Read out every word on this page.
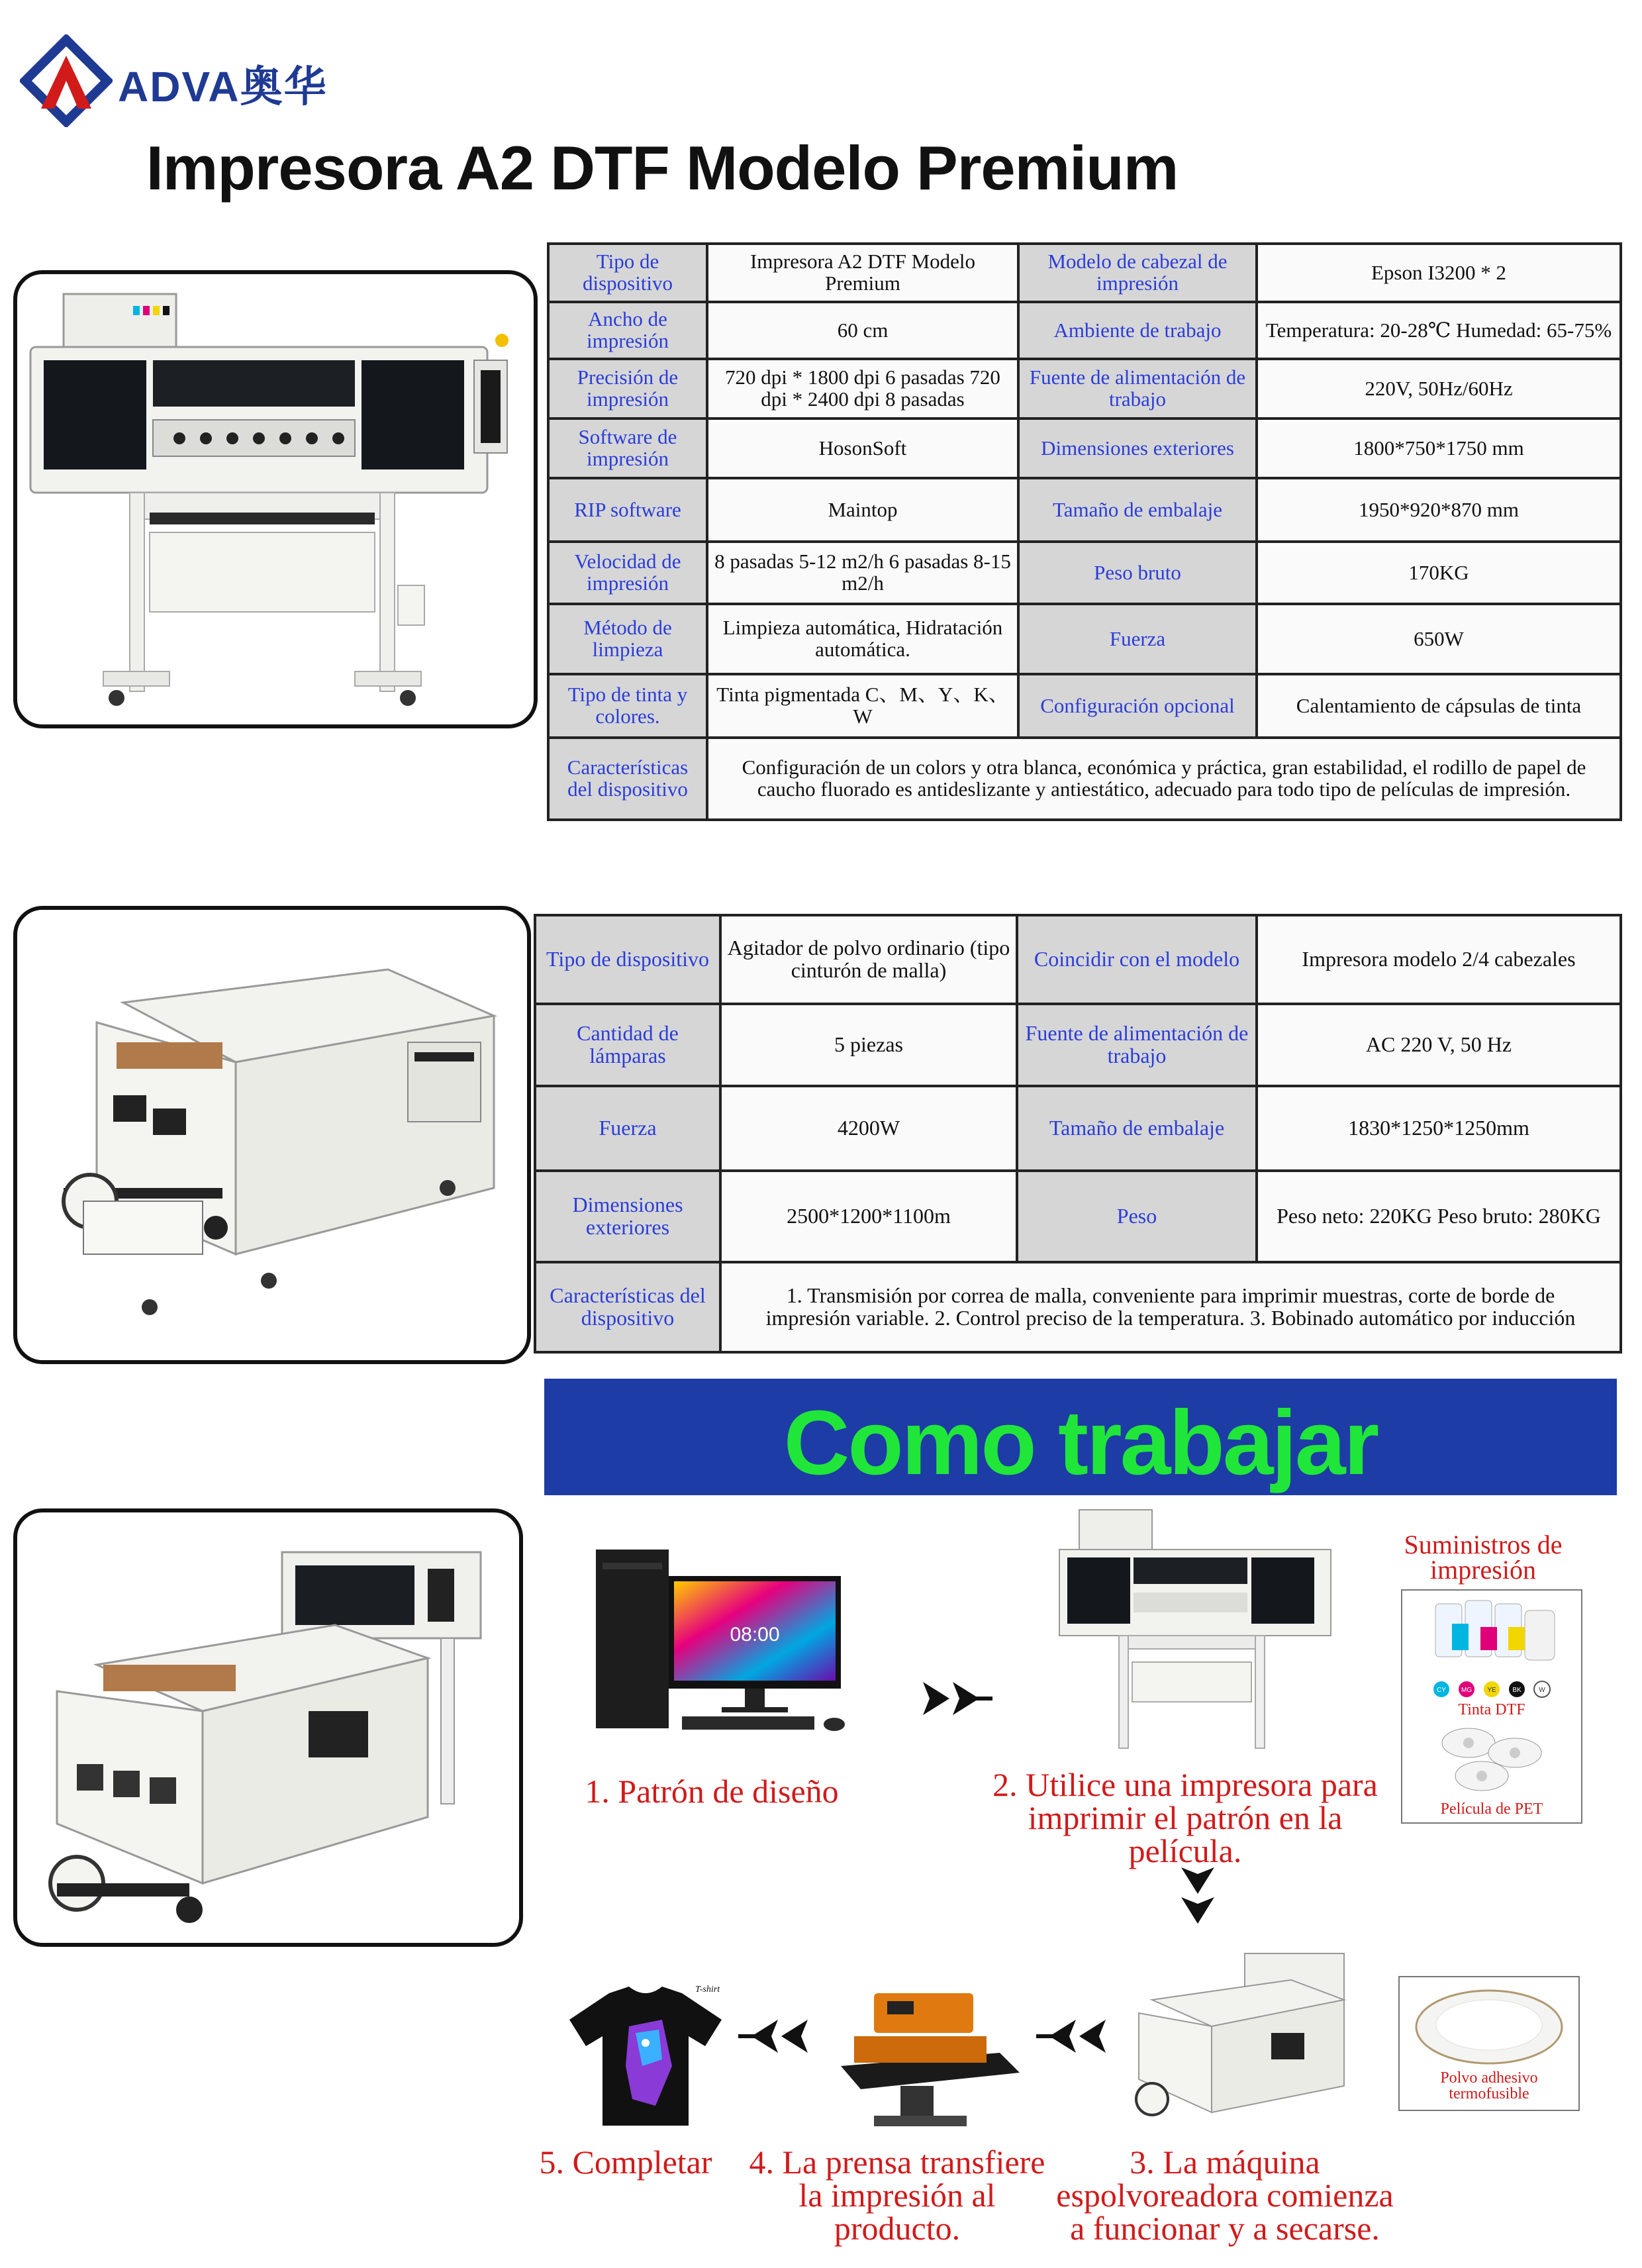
ADVA奥华
Impresora A2 DTF Modelo Premium
Tipo de dispositivo	Impresora A2 DTF Modelo Premium	Modelo de cabezal de impresión	Epson I3200 * 2
Ancho de impresión	60 cm	Ambiente de trabajo	Temperatura: 20-28℃ Humedad: 65-75%
Precisión de impresión	720 dpi * 1800 dpi 6 pasadas 720 dpi * 2400 dpi 8 pasadas	Fuente de alimentación de trabajo	220V, 50Hz/60Hz
Software de impresión	HosonSoft	Dimensiones exteriores	1800*750*1750 mm
RIP software	Maintop	Tamaño de embalaje	1950*920*870 mm
Velocidad de impresión	8 pasadas 5-12 m2/h 6 pasadas 8-15 m2/h	Peso bruto	170KG
Método de limpieza	Limpieza automática, Hidratación automática.	Fuerza	650W
Tipo de tinta y colores.	Tinta pigmentada C、M、Y、K、W	Configuración opcional	Calentamiento de cápsulas de tinta
Características del dispositivo	Configuración de un colors y otra blanca, económica y práctica, gran estabilidad, el rodillo de papel de caucho fluorado es antideslizante y antiestático, adecuado para todo tipo de películas de impresión.		
Tipo de dispositivo	Agitador de polvo ordinario (tipo cinturón de malla)	Coincidir con el modelo	Impresora modelo 2/4 cabezales
Cantidad de lámparas	5 piezas	Fuente de alimentación de trabajo	AC 220 V, 50 Hz
Fuerza	4200W	Tamaño de embalaje	1830*1250*1250mm
Dimensiones exteriores	2500*1200*1100m	Peso	Peso neto: 220KG Peso bruto: 280KG
Características del dispositivo	1. Transmisión por correa de malla, conveniente para imprimir muestras, corte de borde de impresión variable. 2. Control preciso de la temperatura. 3. Bobinado automático por inducción		
Como trabajar
08:00
1. Patrón de diseño	2. Utilice una impresora para imprimir el patrón en la película.
Suministros de impresión
CY MG YE BK	W
Tinta DTF
Película de PET
Polvo adhesivo termofusible
3. La máquina espolvoreadora comienza a funcionar y a secarse.
4. La prensa transfiere la impresión al producto.
T-shirt
5. Completar
